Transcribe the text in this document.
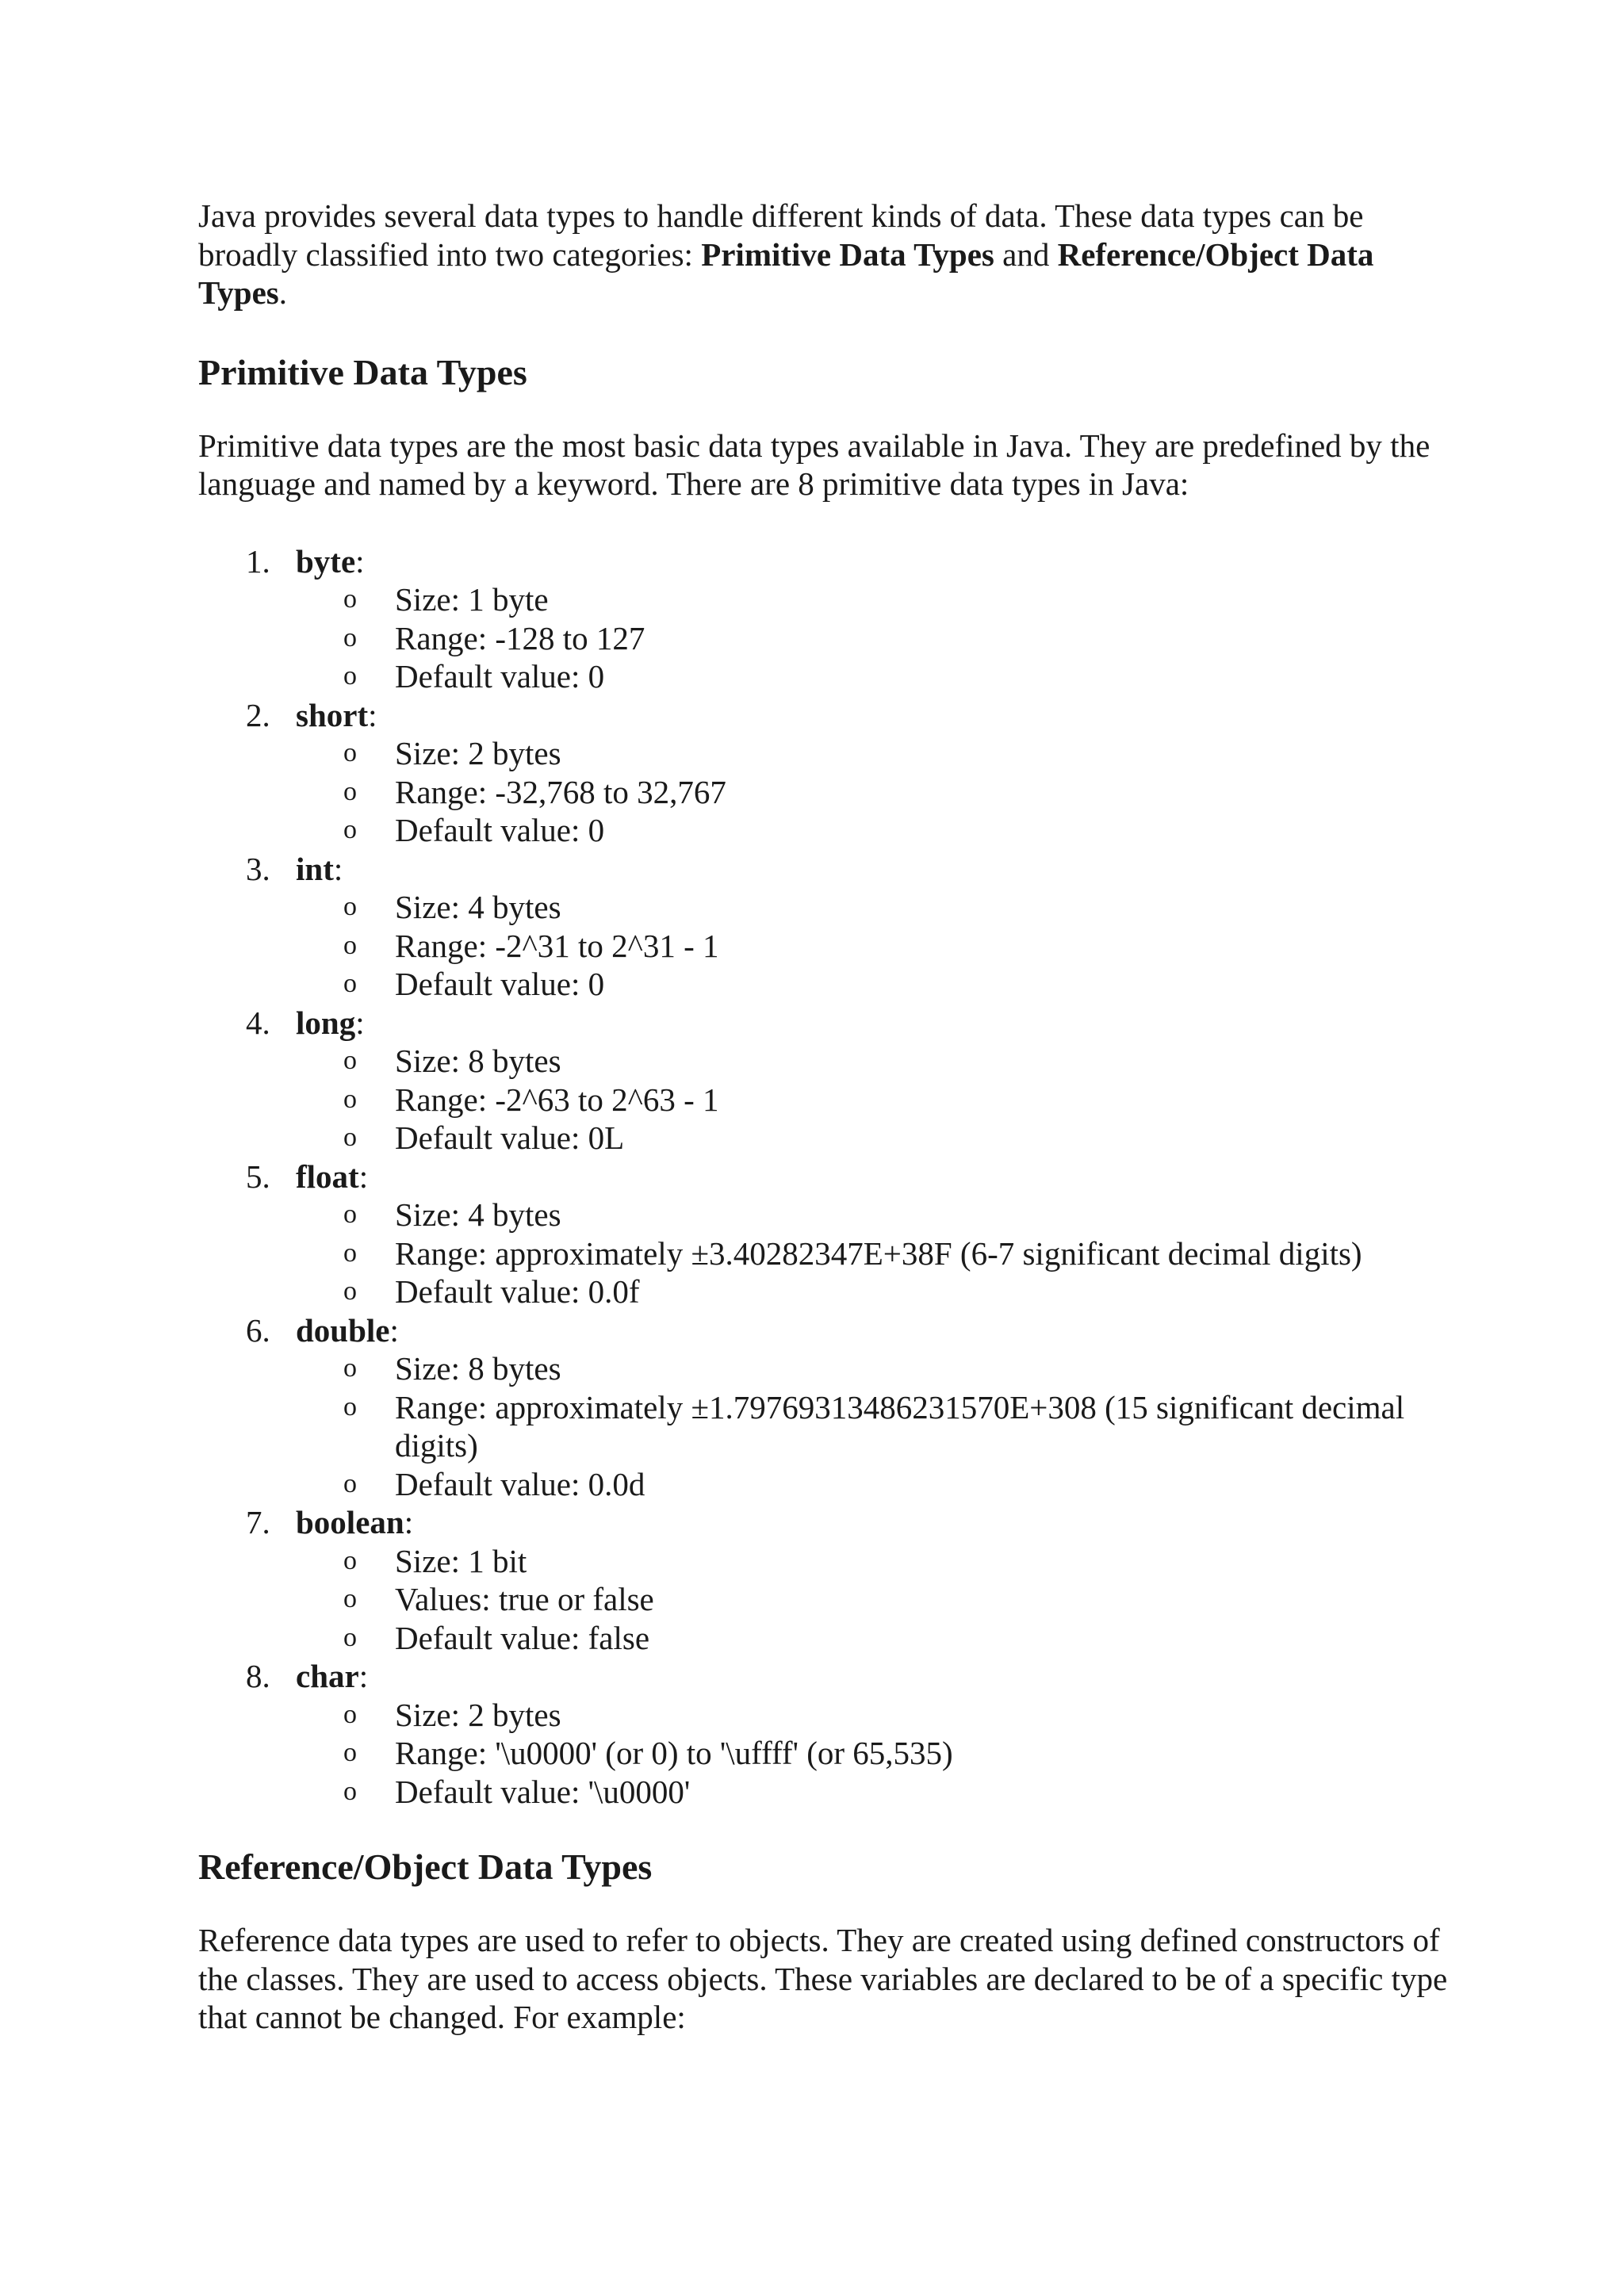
Java provides several data types to handle different kinds of data. These data types can be broadly classified into two categories: Primitive Data Types and Reference/Object Data Types.

Primitive Data Types

Primitive data types are the most basic data types available in Java. They are predefined by the language and named by a keyword. There are 8 primitive data types in Java:

1. byte:
o Size: 1 byte
o Range: -128 to 127
o Default value: 0
2. short:
o Size: 2 bytes
o Range: -32,768 to 32,767
o Default value: 0
3. int:
o Size: 4 bytes
o Range: -2^31 to 2^31 - 1
o Default value: 0
4. long:
o Size: 8 bytes
o Range: -2^63 to 2^63 - 1
o Default value: 0L
5. float:
o Size: 4 bytes
o Range: approximately ±3.40282347E+38F (6-7 significant decimal digits)
o Default value: 0.0f
6. double:
o Size: 8 bytes
o Range: approximately ±1.79769313486231570E+308 (15 significant decimal digits)
o Default value: 0.0d
7. boolean:
o Size: 1 bit
o Values: true or false
o Default value: false
8. char:
o Size: 2 bytes
o Range: '\u0000' (or 0) to '\uffff' (or 65,535)
o Default value: '\u0000'
Reference/Object Data Types

Reference data types are used to refer to objects. They are created using defined constructors of the classes. They are used to access objects. These variables are declared to be of a specific type that cannot be changed. For example:
